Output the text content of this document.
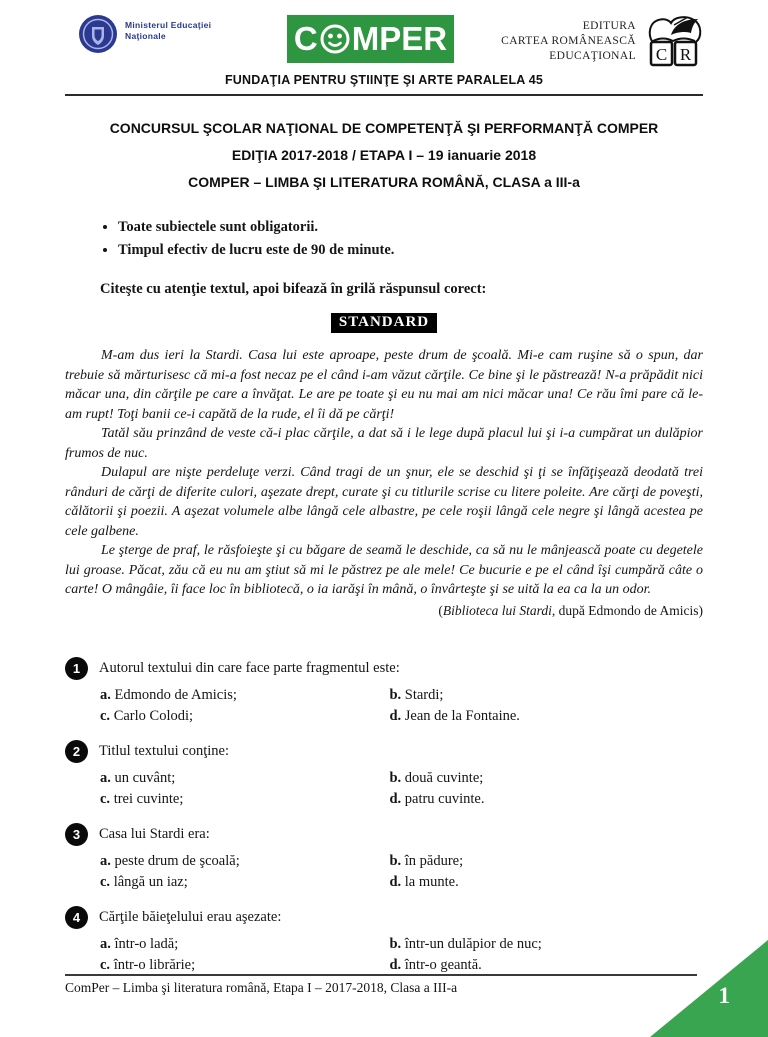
Ministerul Educaţiei
Naţionale	C MPER	EDITURA
CARTEA ROMÂNEASCĂ
EDUCAŢIONAL C R
FUNDAŢIA PENTRU ŞTIINŢE ŞI ARTE PARALELA 45
CONCURSUL ŞCOLAR NAŢIONAL DE COMPETENŢĂ ŞI PERFORMANŢĂ COMPER
EDIŢIA 2017-2018 / ETAPA I – 19 ianuarie 2018
COMPER – LIMBA ŞI LITERATURA ROMÂNĂ, CLASA a III-a
• Toate subiectele sunt obligatorii.
• Timpul efectiv de lucru este de 90 de minute.

Citeşte cu atenţie textul, apoi bifează în grilă răspunsul corect:

STANDARD

M-am dus ieri la Stardi. Casa lui este aproape, peste drum de şcoală. Mi-e cam ruşine să o spun, dar trebuie să mărturisesc că mi-a fost necaz pe el când i-am văzut cărţile. Ce bine şi le păstrează! N-a prăpădit nici măcar una, din cărţile pe care a învăţat. Le are pe toate şi eu nu mai am nici măcar una! Ce rău îmi pare că le-am rupt! Toţi banii ce-i capătă de la rude, el îi dă pe cărţi!

Tatăl său prinzând de veste că-i plac cărţile, a dat să i le lege după placul lui şi i-a cumpărat un dulăpior frumos de nuc.

Dulapul are nişte perdeluţe verzi. Când tragi de un şnur, ele se deschid şi ţi se înfăţişează deodată trei rânduri de cărţi de diferite culori, aşezate drept, curate şi cu titlurile scrise cu litere poleite. Are cărţi de poveşti, călătorii şi poezii. A aşezat volumele albe lângă cele albastre, pe cele roşii lângă cele negre şi lângă acestea pe cele galbene.

Le şterge de praf, le răsfoieşte şi cu băgare de seamă le deschide, ca să nu le mânjească poate cu degetele lui groase. Păcat, zău că eu nu am ştiut să mi le păstrez pe ale mele! Ce bucurie e pe el când îşi cumpără câte o carte! O mângâie, îi face loc în bibliotecă, o ia iarăşi în mână, o învârteşte şi se uită la ea ca la un odor.

(Biblioteca lui Stardi, după Edmondo de Amicis)
1	Autorul textului din care face parte fragmentul este:
a. Edmondo de Amicis;	b. Stardi;
c. Carlo Colodi;	d. Jean de la Fontaine.
2	Titlul textului conţine:
a. un cuvânt;	b. două cuvinte;
c. trei cuvinte;	d. patru cuvinte.
3	Casa lui Stardi era:
a. peste drum de şcoală;	b. în pădure;
c. lângă un iaz;	d. la munte.
4	Cărţile băieţelului erau aşezate:
a. într-o ladă;	b. într-un dulăpior de nuc;
c. într-o librărie;	d. într-o geantă.
ComPer – Limba şi literatura română, Etapa I – 2017-2018, Clasa a III-a	1
